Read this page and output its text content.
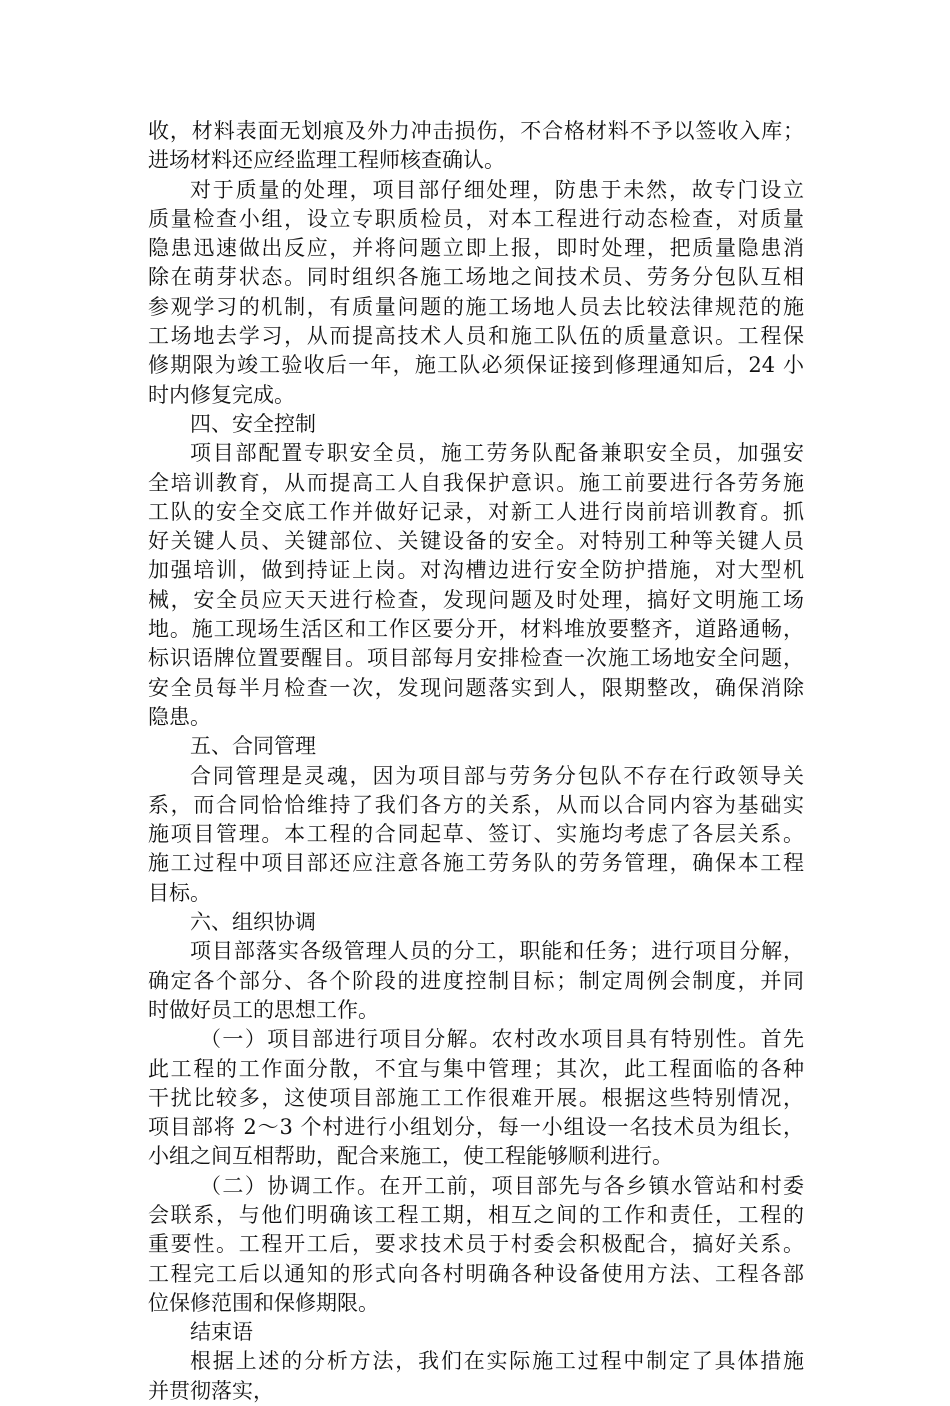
收，材料表面无划痕及外力冲击损伤，不合格材料不予以签收入库；
进场材料还应经监理工程师核查确认。
对于质量的处理，项目部仔细处理，防患于未然，故专门设立
质量检查小组，设立专职质检员，对本工程进行动态检查，对质量
隐患迅速做出反应，并将问题立即上报，即时处理，把质量隐患消
除在萌芽状态。同时组织各施工场地之间技术员、劳务分包队互相
参观学习的机制，有质量问题的施工场地人员去比较法律规范的施
工场地去学习，从而提高技术人员和施工队伍的质量意识。工程保
修期限为竣工验收后一年，施工队必须保证接到修理通知后，24 小
时内修复完成。
四、安全控制
项目部配置专职安全员，施工劳务队配备兼职安全员，加强安
全培训教育，从而提高工人自我保护意识。施工前要进行各劳务施
工队的安全交底工作并做好记录，对新工人进行岗前培训教育。抓
好关键人员、关键部位、关键设备的安全。对特别工种等关键人员
加强培训，做到持证上岗。对沟槽边进行安全防护措施，对大型机
械，安全员应天天进行检查，发现问题及时处理，搞好文明施工场
地。施工现场生活区和工作区要分开，材料堆放要整齐，道路通畅，
标识语牌位置要醒目。项目部每月安排检查一次施工场地安全问题，
安全员每半月检查一次，发现问题落实到人，限期整改，确保消除
隐患。
五、合同管理
合同管理是灵魂，因为项目部与劳务分包队不存在行政领导关
系，而合同恰恰维持了我们各方的关系，从而以合同内容为基础实
施项目管理。本工程的合同起草、签订、实施均考虑了各层关系。
施工过程中项目部还应注意各施工劳务队的劳务管理，确保本工程
目标。
六、组织协调
项目部落实各级管理人员的分工，职能和任务；进行项目分解，
确定各个部分、各个阶段的进度控制目标；制定周例会制度，并同
时做好员工的思想工作。
（一）项目部进行项目分解。农村改水项目具有特别性。首先
此工程的工作面分散，不宜与集中管理；其次，此工程面临的各种
干扰比较多，这使项目部施工工作很难开展。根据这些特别情况，
项目部将 2～3 个村进行小组划分，每一小组设一名技术员为组长，
小组之间互相帮助，配合来施工，使工程能够顺利进行。
（二）协调工作。在开工前，项目部先与各乡镇水管站和村委
会联系，与他们明确该工程工期，相互之间的工作和责任，工程的
重要性。工程开工后，要求技术员于村委会积极配合，搞好关系。
工程完工后以通知的形式向各村明确各种设备使用方法、工程各部
位保修范围和保修期限。
结束语
根据上述的分析方法，我们在实际施工过程中制定了具体措施
并贯彻落实，
